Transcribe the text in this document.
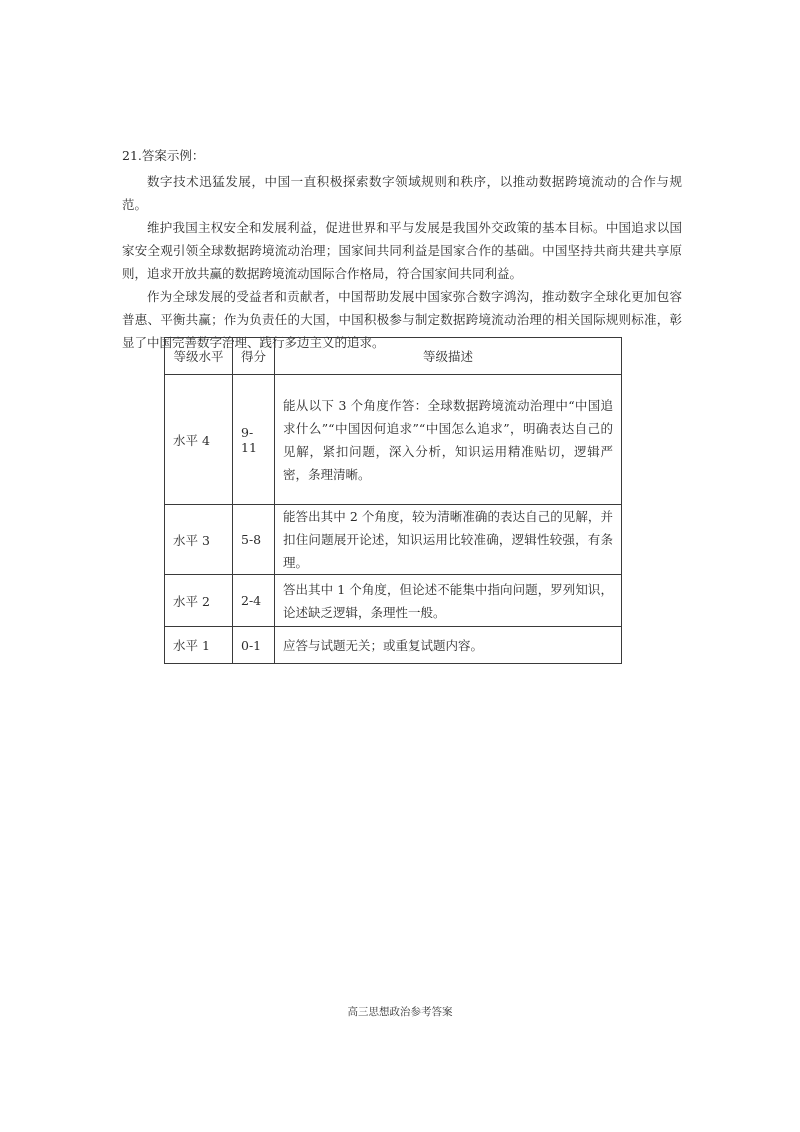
21.答案示例：

数字技术迅猛发展，中国一直积极探索数字领域规则和秩序，以推动数据跨境流动的合作与规范。

维护我国主权安全和发展利益，促进世界和平与发展是我国外交政策的基本目标。中国追求以国家安全观引领全球数据跨境流动治理；国家间共同利益是国家合作的基础。中国坚持共商共建共享原则，追求开放共赢的数据跨境流动国际合作格局，符合国家间共同利益。

作为全球发展的受益者和贡献者，中国帮助发展中国家弥合数字鸿沟，推动数字全球化更加包容普惠、平衡共赢；作为负责任的大国，中国积极参与制定数据跨境流动治理的相关国际规则标准，彰显了中国完善数字治理、践行多边主义的追求。

等级水平	得分	等级描述
水平 4	9-11	能从以下 3 个角度作答：全球数据跨境流动治理中“中国追求什么”“中国因何追求”“中国怎么追求”，明确表达自己的见解，紧扣问题，深入分析，知识运用精准贴切，逻辑严密，条理清晰。
水平 3	5-8	能答出其中 2 个角度，较为清晰准确的表达自己的见解，并扣住问题展开论述，知识运用比较准确，逻辑性较强，有条理。
水平 2	2-4	答出其中 1 个角度，但论述不能集中指向问题，罗列知识，论述缺乏逻辑，条理性一般。
水平 1	0-1	应答与试题无关；或重复试题内容。
高三思想政治参考答案
